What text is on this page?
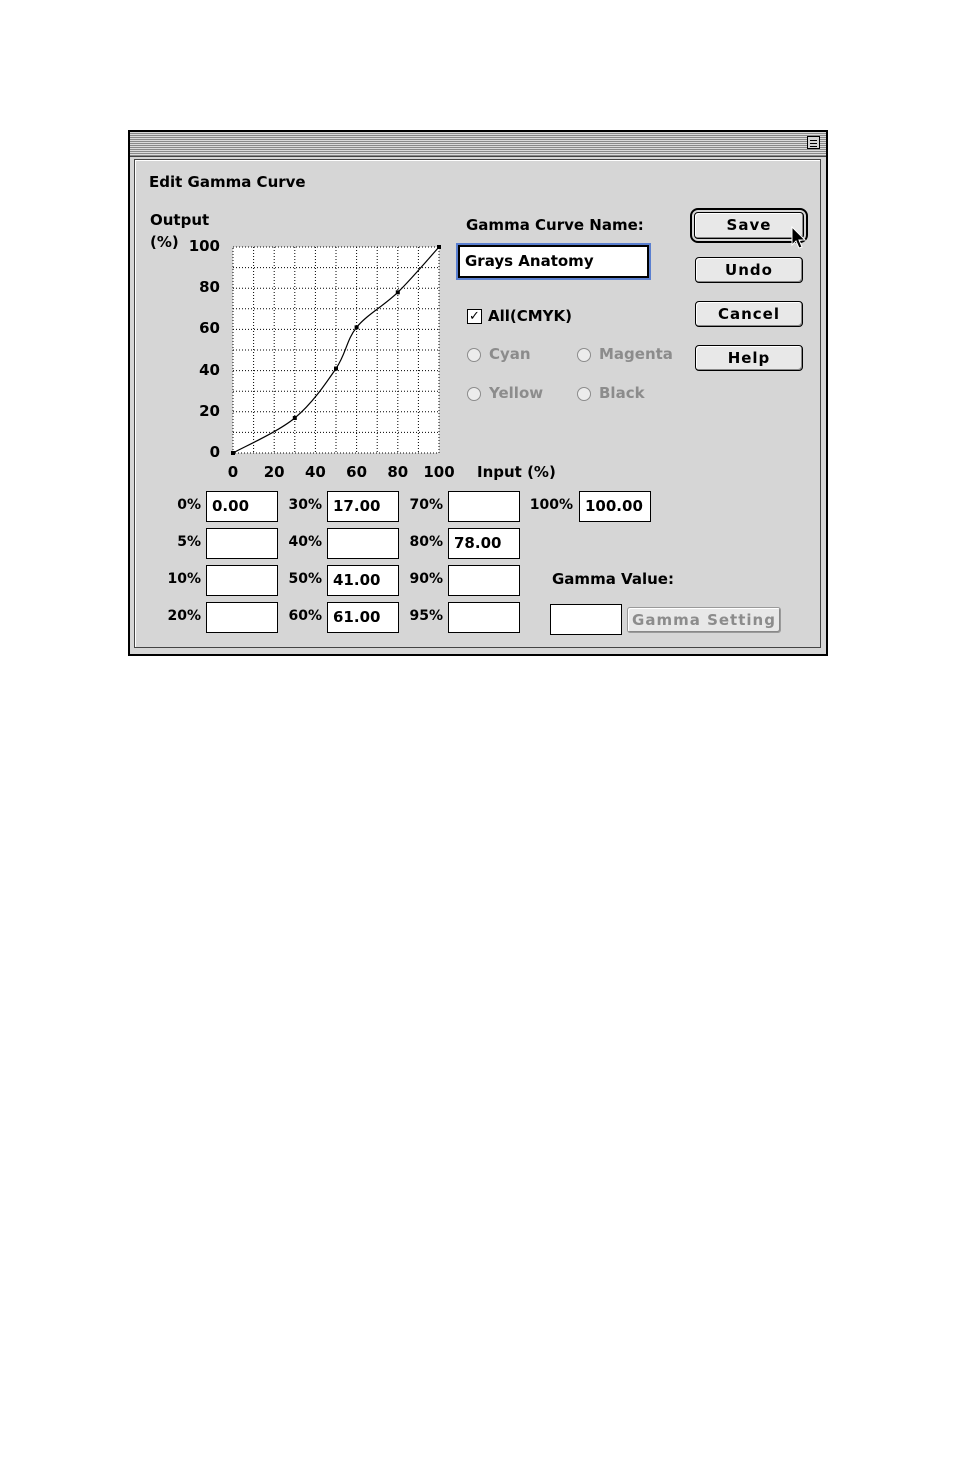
Edit Gamma Curve
Output
(%)
Input (%)
0
20
40
60
80
100
0	20	40	60	80	100
Gamma Curve Name:
Grays Anatomy
✓ All(CMYK)
Cyan	Magenta
Yellow	Black
Save
Undo
Cancel
Help
0% 0.00	30% 17.00	70%	100% 100.00
5%	40%	80% 78.00
10%	50% 41.00	90%
20%	60% 61.00	95%
Gamma Value:
Gamma Setting
